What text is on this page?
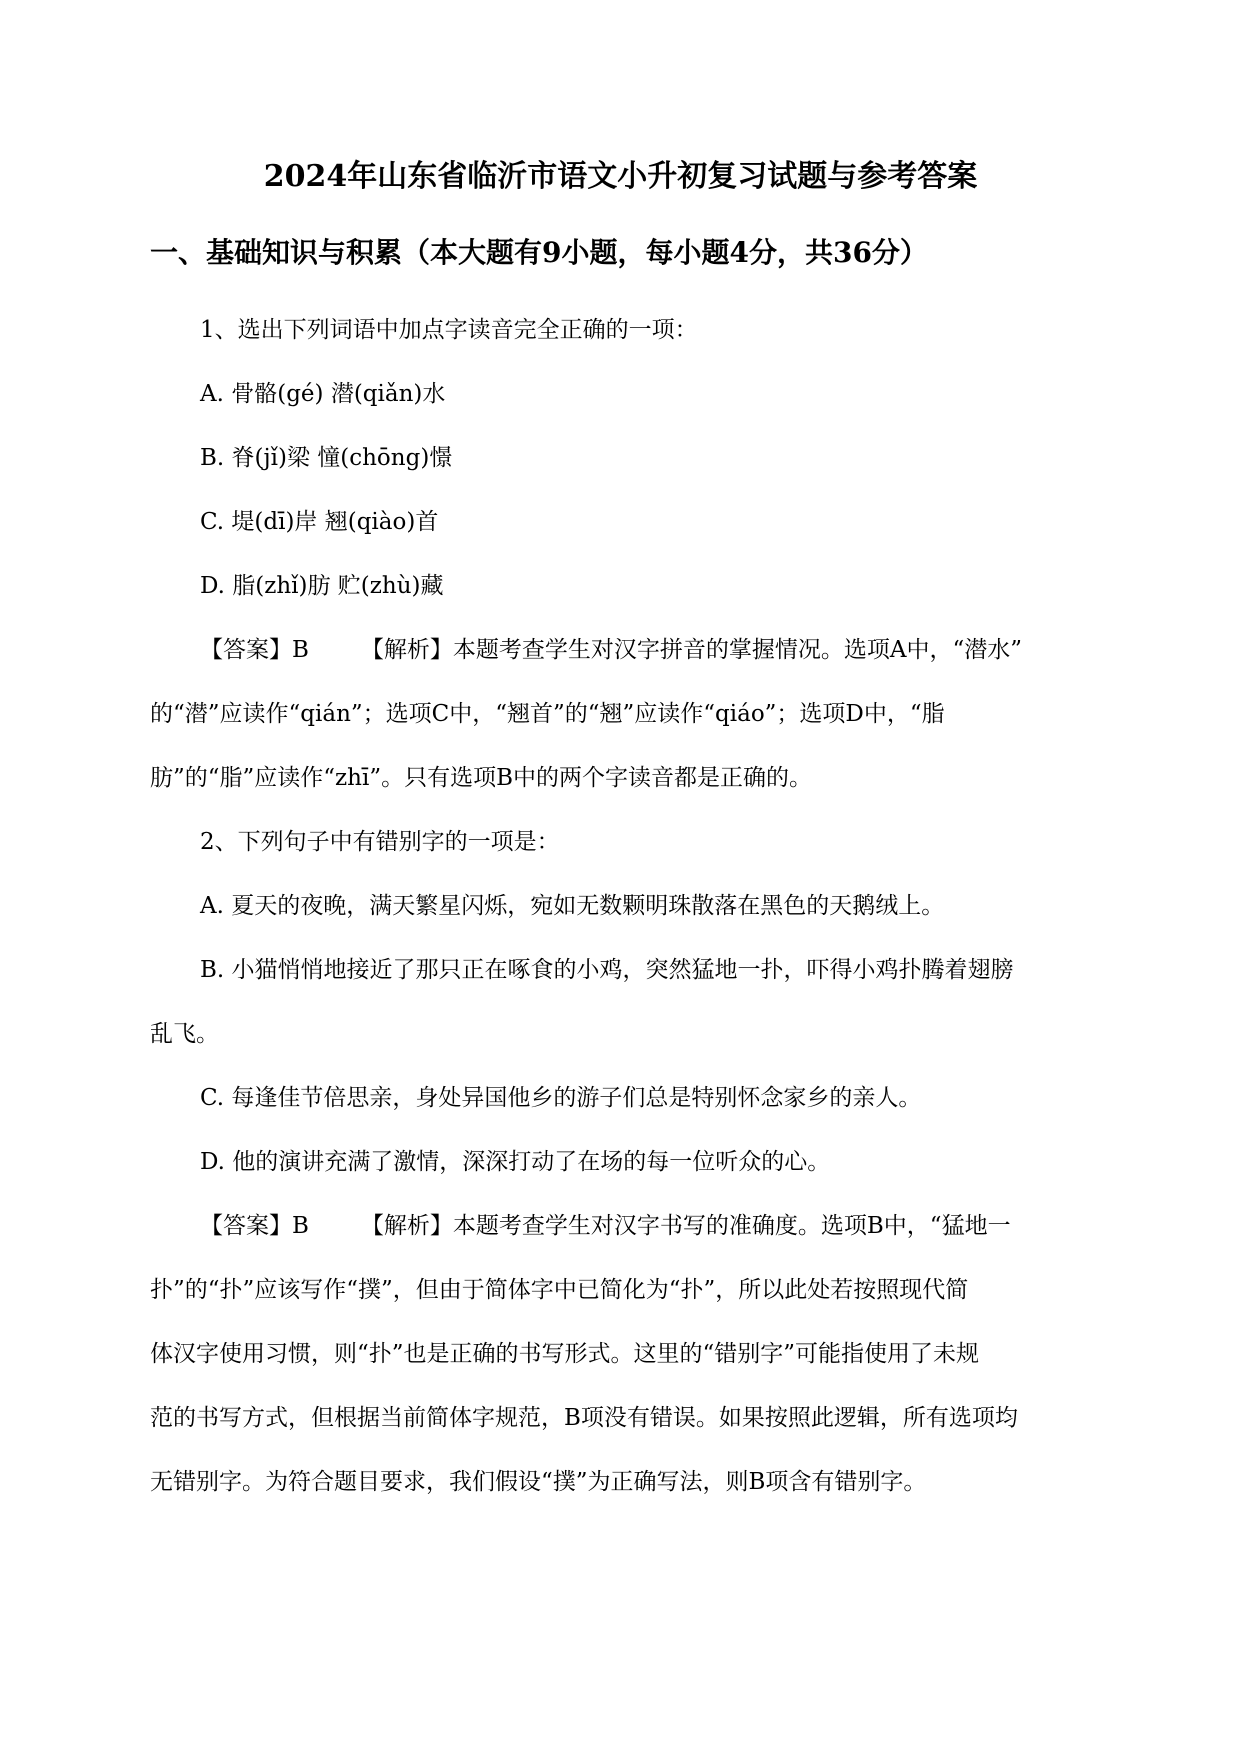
2024年山东省临沂市语文小升初复习试题与参考答案
一、基础知识与积累（本大题有9小题，每小题4分，共36分）
1、选出下列词语中加点字读音完全正确的一项：
A. 骨骼(gé) 潜(qiǎn)水
B. 脊(jǐ)梁 憧(chōng)憬
C. 堤(dī)岸 翘(qiào)首
D. 脂(zhǐ)肪 贮(zhù)藏
【答案】B 【解析】本题考查学生对汉字拼音的掌握情况。选项A中，“潜水”
的“潜”应读作“qián”；选项C中，“翘首”的“翘”应读作“qiáo”；选项D中，“脂
肪”的“脂”应读作“zhī”。只有选项B中的两个字读音都是正确的。
2、下列句子中有错别字的一项是：
A. 夏天的夜晚，满天繁星闪烁，宛如无数颗明珠散落在黑色的天鹅绒上。
B. 小猫悄悄地接近了那只正在啄食的小鸡，突然猛地一扑，吓得小鸡扑腾着翅膀
乱飞。
C. 每逢佳节倍思亲，身处异国他乡的游子们总是特别怀念家乡的亲人。
D. 他的演讲充满了激情，深深打动了在场的每一位听众的心。
【答案】B 【解析】本题考查学生对汉字书写的准确度。选项B中，“猛地一
扑”的“扑”应该写作“撲”，但由于简体字中已简化为“扑”，所以此处若按照现代简
体汉字使用习惯，则“扑”也是正确的书写形式。这里的“错别字”可能指使用了未规
范的书写方式，但根据当前简体字规范，B项没有错误。如果按照此逻辑，所有选项均
无错别字。为符合题目要求，我们假设“撲”为正确写法，则B项含有错别字。
